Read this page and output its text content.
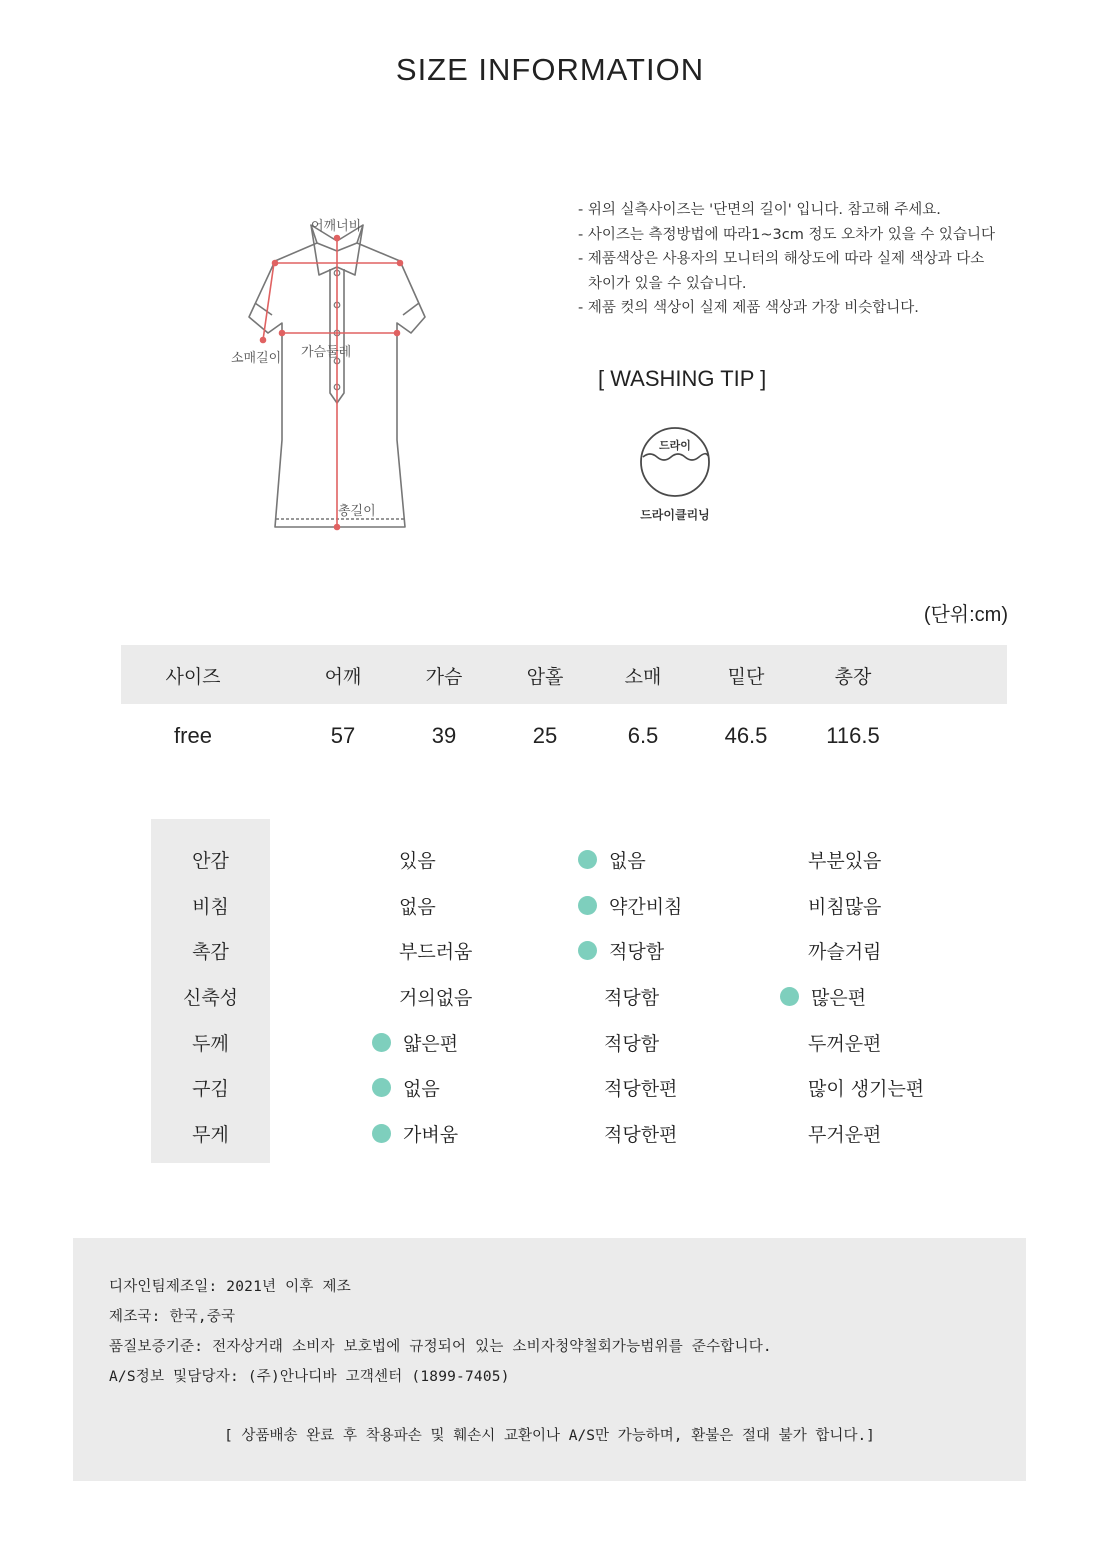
SIZE INFORMATION
어깨너비
소매길이 가슴둘레
총길이
- 위의 실측사이즈는 '단면의 길이' 입니다. 참고해 주세요.
- 사이즈는 측정방법에 따라1~3cm 정도 오차가 있을 수 있습니다
- 제품색상은 사용자의 모니터의 해상도에 따라 실제 색상과 다소
차이가 있을 수 있습니다.
- 제품 컷의 색상이 실제 제품 색상과 가장 비슷합니다.
[ WASHING TIP ]
드라이
드라이클리닝
(단위:cm)
사이즈	어깨	가슴	암홀	소매	밑단	총장
free	57	39	25	6.5	46.5	116.5
안감	있음	없음	부분있음
비침	없음	약간비침	비침많음
촉감	부드러움	적당함	까슬거림
신축성	거의없음	적당함	많은편
두께	얇은편	적당함	두꺼운편
구김	없음	적당한편	많이 생기는편
무게	가벼움	적당한편	무거운편
디자인팀제조일: 2021년 이후 제조
제조국: 한국,중국
품질보증기준: 전자상거래 소비자 보호법에 규정되어 있는 소비자청약철회가능범위를 준수합니다.
A/S정보 및담당자: (주)안나디바 고객센터 (1899-7405)
[ 상품배송 완료 후 착용파손 및 훼손시 교환이나 A/S만 가능하며, 환불은 절대 불가 합니다.]
